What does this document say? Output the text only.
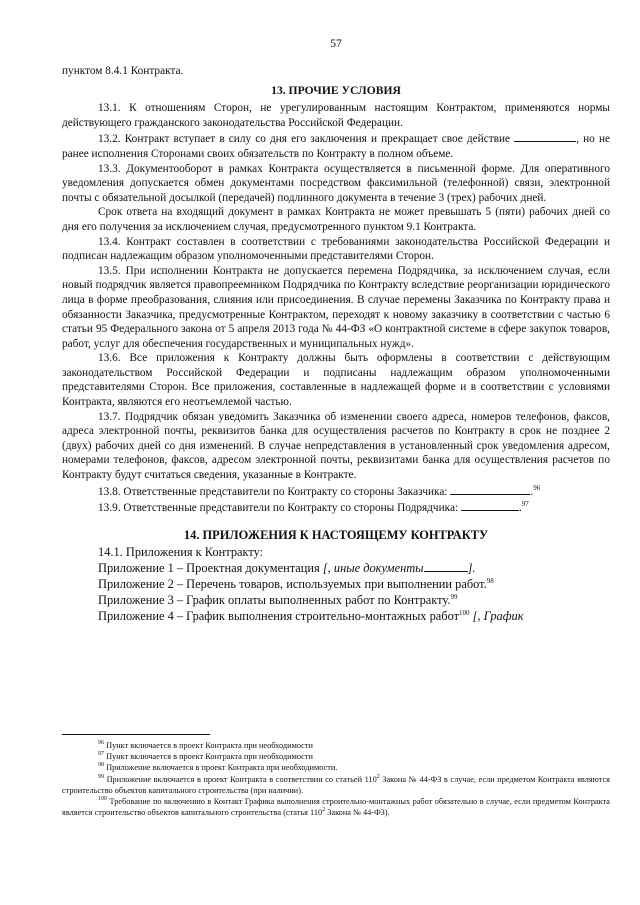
57

пунктом 8.4.1 Контракта.

13. ПРОЧИЕ УСЛОВИЯ

13.1. К отношениям Сторон, не урегулированным настоящим Контрактом, применяются нормы действующего гражданского законодательства Российской Федерации.

13.2. Контракт вступает в силу со дня его заключения и прекращает свое действие	, но не ранее исполнения Сторонами своих обязательств по Контракту в полном объеме.

13.3. Документооборот в рамках Контракта осуществляется в письменной форме. Для оперативного уведомления допускается обмен документами посредством факсимильной (телефонной) связи, электронной почты с обязательной досылкой (передачей) подлинного документа в течение 3 (трех) рабочих дней.

Срок ответа на входящий документ в рамках Контракта не может превышать 5 (пяти) рабочих дней со дня его получения за исключением случая, предусмотренного пунктом 9.1 Контракта.

13.4. Контракт составлен в соответствии с требованиями законодательства Российской Федерации и подписан надлежащим образом уполномоченными представителями Сторон.

13.5. При исполнении Контракта не допускается перемена Подрядчика, за исключением случая, если новый подрядчик является правопреемником Подрядчика по Контракту вследствие реорганизации юридического лица в форме преобразования, слияния или присоединения. В случае перемены Заказчика по Контракту права и обязанности Заказчика, предусмотренные Контрактом, переходят к новому заказчику в соответствии с частью 6 статьи 95 Федерального закона от 5 апреля 2013 года № 44-ФЗ «О контрактной системе в сфере закупок товаров, работ, услуг для обеспечения государственных и муниципальных нужд».

13.6. Все приложения к Контракту должны быть оформлены в соответствии с действующим законодательством Российской Федерации и подписаны надлежащим образом уполномоченными представителями Сторон. Все приложения, составленные в надлежащей форме и в соответствии с условиями Контракта, являются его неотъемлемой частью.

13.7. Подрядчик обязан уведомить Заказчика об изменении своего адреса, номеров телефонов, факсов, адреса электронной почты, реквизитов банка для осуществления расчетов по Контракту в срок не позднее 2 (двух) рабочих дней со дня изменений. В случае непредставления в установленный срок уведомления адресом, номерами телефонов, факсов, адресом электронной почты, реквизитами банка для осуществления расчетов по Контракту будут считаться сведения, указанные в Контракте.

13.8. Ответственные представители по Контракту со стороны Заказчика:	.$^{96}$

13.9. Ответственные представители по Контракту со стороны Подрядчика:	.$^{97}$

14. ПРИЛОЖЕНИЯ К НАСТОЯЩЕМУ КОНТРАКТУ

14.1. Приложения к Контракту:

Приложение 1 – Проектная документация [, иные документы	].

Приложение 2 – Перечень товаров, используемых при выполнении работ.$^{98}$

Приложение 3 – График оплаты выполненных работ по Контракту.$^{99}$

Приложение 4 – График выполнения строительно-монтажных работ$^{100}$ [, График

$^{96}$ Пункт включается в проект Контракта при необходимости

$^{97}$ Пункт включается в проект Контракта при необходимости

$^{98}$ Приложение включается в проект Контракта при необходимости.

$^{99}$ Приложение включается в проект Контракта в соответствии со статьей $110^2$ Закона № 44-ФЗ в случае, если предметом Контракта являются строительство объектов капитального строительства (при наличии).

$^{100}$ Требование по включению в Контакт Графика выполнения строительно-монтажных работ обязательно в случае, если предметом Контракта является строительство объектов капитального строительства (статья $110^2$ Закона № 44-ФЗ).
